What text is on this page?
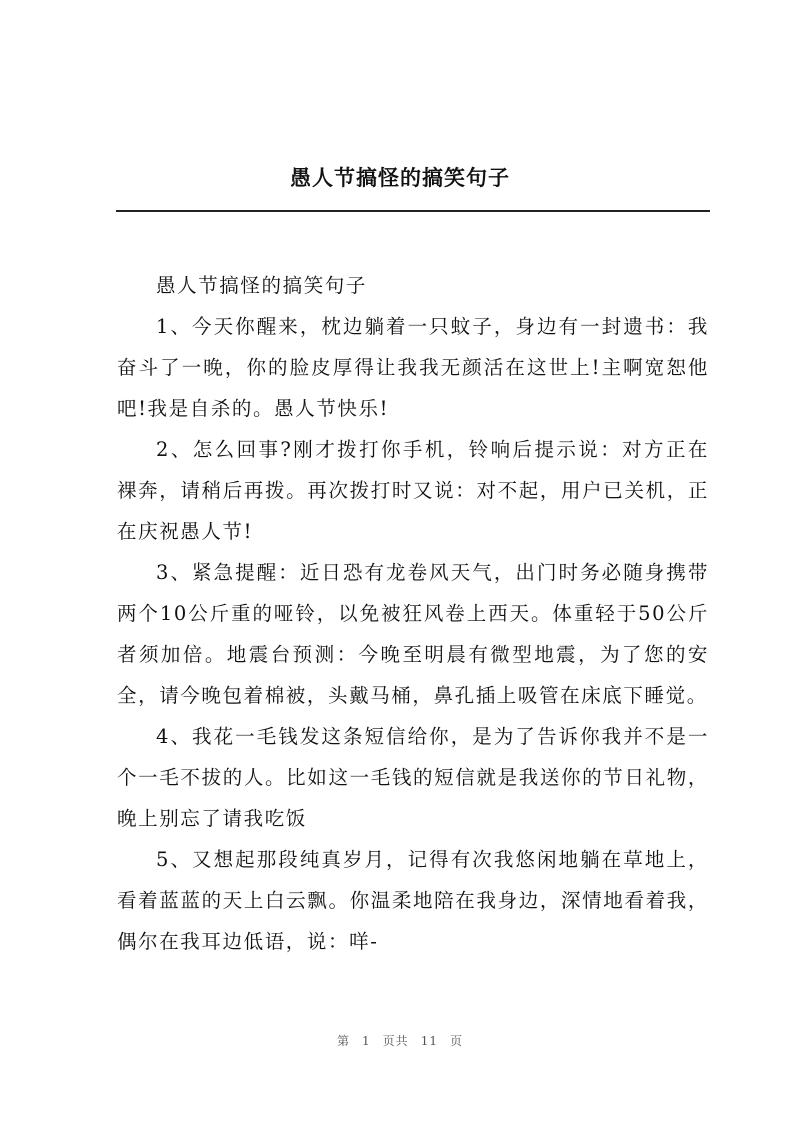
愚人节搞怪的搞笑句子

愚人节搞怪的搞笑句子

1、今天你醒来，枕边躺着一只蚊子，身边有一封遗书：我奋斗了一晚，你的脸皮厚得让我我无颜活在这世上!主啊宽恕他吧!我是自杀的。愚人节快乐!

2、怎么回事?刚才拨打你手机，铃响后提示说：对方正在裸奔，请稍后再拨。再次拨打时又说：对不起，用户已关机，正在庆祝愚人节!

3、紧急提醒：近日恐有龙卷风天气，出门时务必随身携带两个10公斤重的哑铃，以免被狂风卷上西天。体重轻于50公斤者须加倍。地震台预测：今晚至明晨有微型地震，为了您的安全，请今晚包着棉被，头戴马桶，鼻孔插上吸管在床底下睡觉。

4、我花一毛钱发这条短信给你，是为了告诉你我并不是一个一毛不拔的人。比如这一毛钱的短信就是我送你的节日礼物，晚上别忘了请我吃饭

5、又想起那段纯真岁月，记得有次我悠闲地躺在草地上，看着蓝蓝的天上白云飘。你温柔地陪在我身边，深情地看着我，偶尔在我耳边低语，说：咩-

第 1 页共 11 页
